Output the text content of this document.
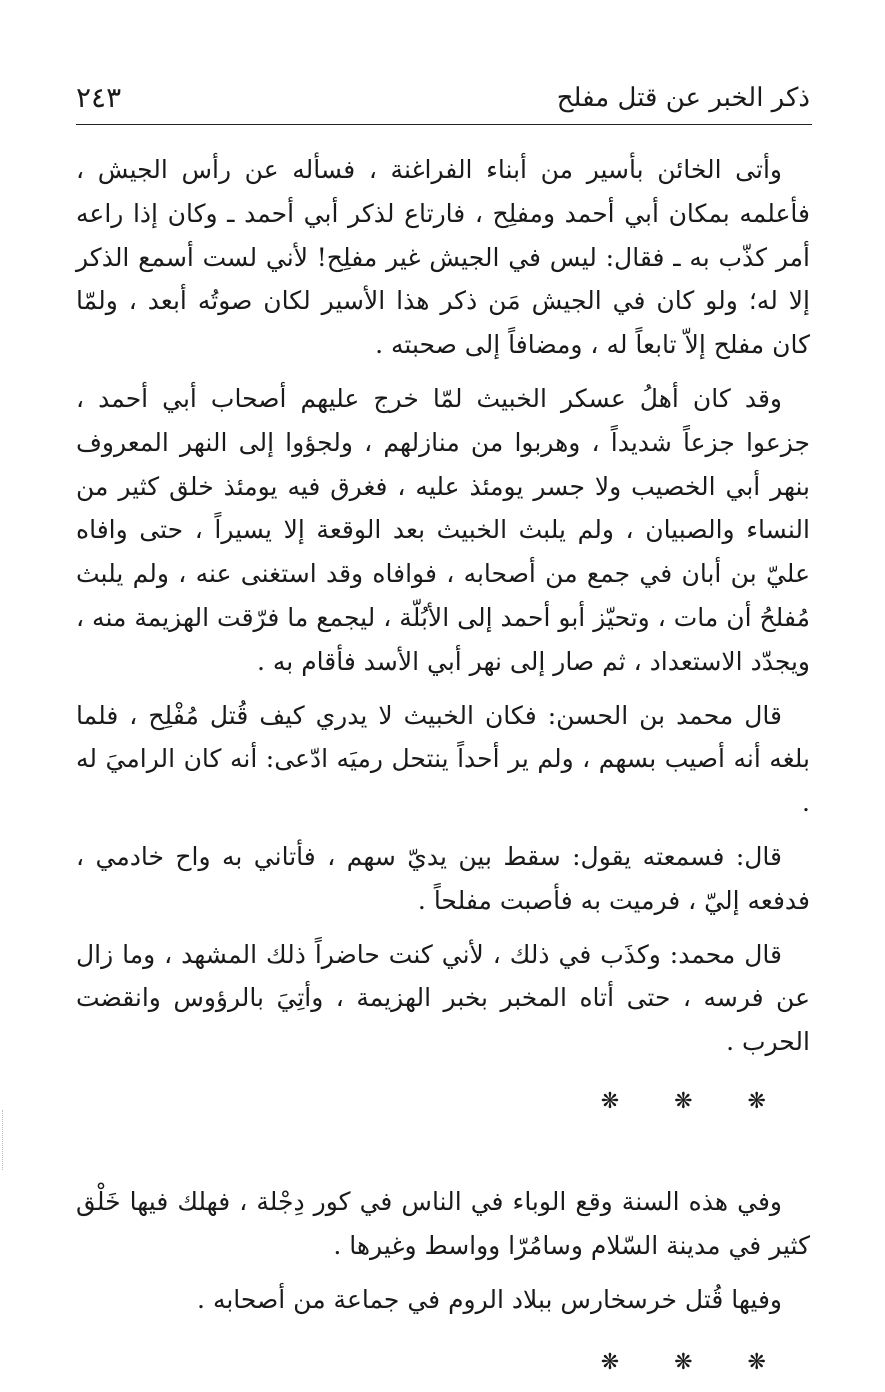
ذكر الخبر عن قتل مفلح
٢٤٣

وأتى الخائن بأسير من أبناء الفراغنة ، فسأله عن رأس الجيش ، فأعلمه بمكان أبي أحمد ومفلِح ، فارتاع لذكر أبي أحمد ـ وكان إذا راعه أمر كذّب به ـ فقال: ليس في الجيش غير مفلِح! لأني لست أسمع الذكر إلا له؛ ولو كان في الجيش مَن ذكر هذا الأسير لكان صوتُه أبعد ، ولمّا كان مفلح إلاّ تابعاً له ، ومضافاً إلى صحبته .

وقد كان أهلُ عسكر الخبيث لمّا خرج عليهم أصحاب أبي أحمد ، جزعوا جزعاً شديداً ، وهربوا من منازلهم ، ولجؤوا إلى النهر المعروف بنهر أبي الخصيب ولا جسر يومئذ عليه ، فغرق فيه يومئذ خلق كثير من النساء والصبيان ، ولم يلبث الخبيث بعد الوقعة إلا يسيراً ، حتى وافاه عليّ بن أبان في جمع من أصحابه ، فوافاه وقد استغنى عنه ، ولم يلبث مُفلحُ أن مات ، وتحيّز أبو أحمد إلى الأبُلّة ، ليجمع ما فرّقت الهزيمة منه ، ويجدّد الاستعداد ، ثم صار إلى نهر أبي الأسد فأقام به .

قال محمد بن الحسن: فكان الخبيث لا يدري كيف قُتل مُفْلِح ، فلما بلغه أنه أصيب بسهم ، ولم ير أحداً ينتحل رميَه ادّعى: أنه كان الراميَ له .

قال: فسمعته يقول: سقط بين يديّ سهم ، فأتاني به واح خادمي ، فدفعه إليّ ، فرميت به فأصبت مفلحاً .

قال محمد: وكذَب في ذلك ، لأني كنت حاضراً ذلك المشهد ، وما زال عن فرسه ، حتى أتاه المخبر بخبر الهزيمة ، وأتِيَ بالرؤوس وانقضت الحرب .

❋ ❋ ❋

وفي هذه السنة وقع الوباء في الناس في كور دِجْلة ، فهلك فيها خَلْق كثير في مدينة السّلام وسامُرّا وواسط وغيرها .

وفيها قُتل خرسخارس ببلاد الروم في جماعة من أصحابه .

❋ ❋ ❋
